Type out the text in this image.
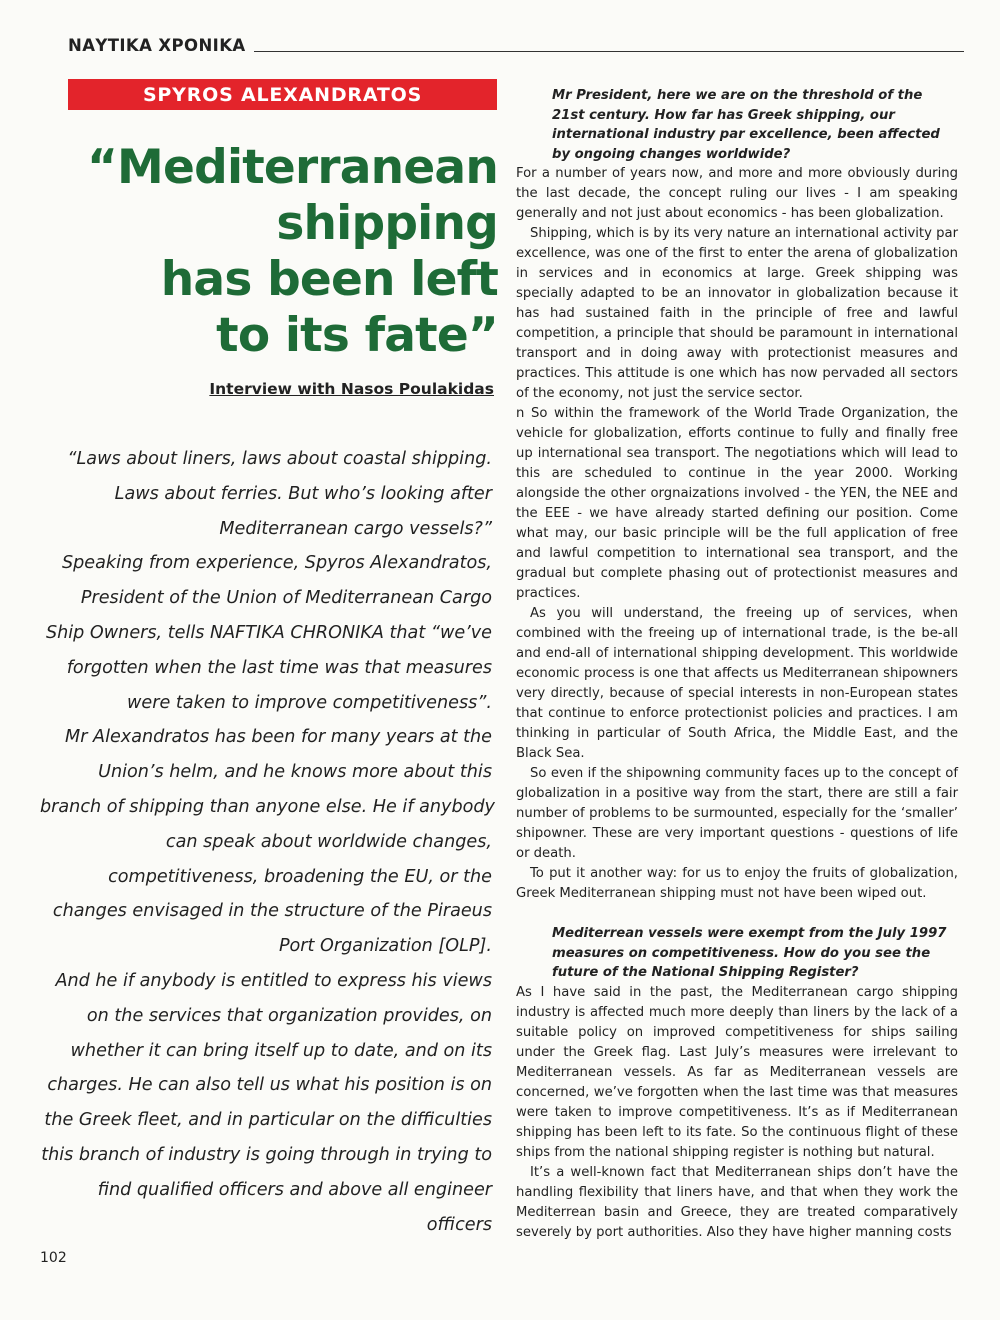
ΝΑΥΤΙΚΑ ΧΡΟΝΙΚΑ
SPYROS ALEXANDRATOS
“Mediterranean
shipping
has been left
to its fate”
Interview with Nasos Poulakidas
“Laws about liners, laws about coastal shipping.
Laws about ferries. But who’s looking after
Mediterranean cargo vessels?”
Speaking from experience, Spyros Alexandratos,
President of the Union of Mediterranean Cargo
Ship Owners, tells NAFTIKA CHRONIKA that “we’ve
forgotten when the last time was that measures
were taken to improve competitiveness”.
Mr Alexandratos has been for many years at the
Union’s helm, and he knows more about this
branch of shipping than anyone else. He if anybody
can speak about worldwide changes,
competitiveness, broadening the EU, or the
changes envisaged in the structure of the Piraeus
Port Organization [OLP].
And he if anybody is entitled to express his views
on the services that organization provides, on
whether it can bring itself up to date, and on its
charges. He can also tell us what his position is on
the Greek fleet, and in particular on the difficulties
this branch of industry is going through in trying to
find qualified officers and above all engineer
officers
102
Mr President, here we are on the threshold of the 21st century. How far has Greek shipping, our international industry par excellence, been affected by ongoing changes worldwide?

For a number of years now, and more and more obviously during the last decade, the concept ruling our lives - I am speaking generally and not just about economics - has been globalization.

Shipping, which is by its very nature an international activity par excellence, was one of the first to enter the arena of globalization in services and in economics at large. Greek shipping was specially adapted to be an innovator in globalization because it has had sustained faith in the principle of free and lawful competition, a principle that should be paramount in international transport and in doing away with protectionist measures and practices. This attitude is one which has now pervaded all sectors of the economy, not just the service sector.

n So within the framework of the World Trade Organization, the vehicle for globalization, efforts continue to fully and finally free up international sea transport. The negotiations which will lead to this are scheduled to continue in the year 2000. Working alongside the other orgnaizations involved - the YEN, the NEE and the EEE - we have already started defining our position. Come what may, our basic principle will be the full application of free and lawful competition to international sea transport, and the gradual but complete phasing out of protectionist measures and practices.

As you will understand, the freeing up of services, when combined with the freeing up of international trade, is the be-all and end-all of international shipping development. This worldwide economic process is one that affects us Mediterranean shipowners very directly, because of special interests in non-European states that continue to enforce protectionist policies and practices. I am thinking in particular of South Africa, the Middle East, and the Black Sea.

So even if the shipowning community faces up to the concept of globalization in a positive way from the start, there are still a fair number of problems to be surmounted, especially for the ‘smaller’ shipowner. These are very important questions - questions of life or death.

To put it another way: for us to enjoy the fruits of globalization, Greek Mediterranean shipping must not have been wiped out.

Mediterrean vessels were exempt from the July 1997 measures on competitiveness. How do you see the future of the National Shipping Register?

As I have said in the past, the Mediterranean cargo shipping industry is affected much more deeply than liners by the lack of a suitable policy on improved competitiveness for ships sailing under the Greek flag. Last July’s measures were irrelevant to Mediterranean vessels. As far as Mediterranean vessels are concerned, we’ve forgotten when the last time was that measures were taken to improve competitiveness. It’s as if Mediterranean shipping has been left to its fate. So the continuous flight of these ships from the national shipping register is nothing but natural.

It’s a well-known fact that Mediterranean ships don’t have the handling flexibility that liners have, and that when they work the Mediterrean basin and Greece, they are treated comparatively severely by port authorities. Also they have higher manning costs
